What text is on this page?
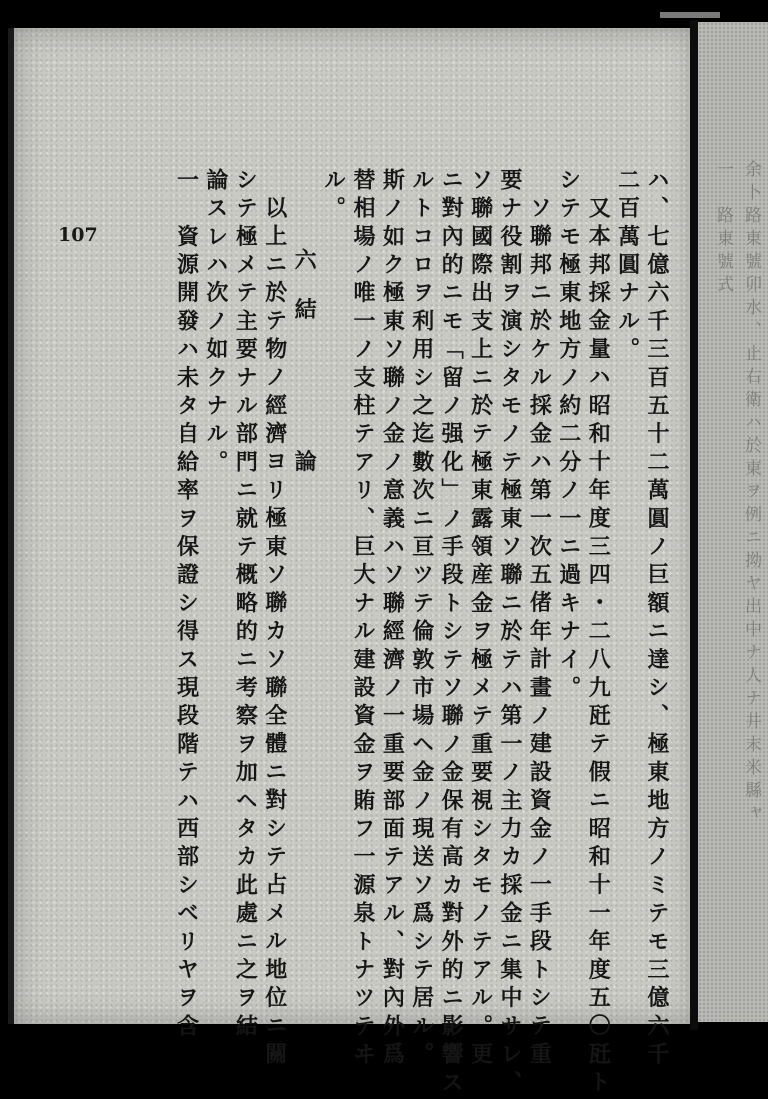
107	ハ、七億六千三百五十二萬圓ノ巨額ニ達シ、極東地方ノミテモ三億六千
二百萬圓ナル。
又本邦採金量ハ昭和十年度三四・二八九瓩テ假ニ昭和十一年度五〇瓩ト
シテモ極東地方ノ約二分ノ一ニ過キナイ。
ソ聯邦ニ於ケル採金ハ第一次五偖年計畫ノ建設資金ノ一手段トシテ重
要ナ役割ヲ演シタモノテ極東ソ聯ニ於テハ第一ノ主力カ採金ニ集中サレ、
ソ聯國際出支上ニ於テ極東露領産金ヲ極メテ重要視シタモノテアル。更
ニ對內的ニモ「留ノ强化」ノ手段トシテソ聯ノ金保有高カ對外的ニ影響ス
ルトコロヲ利用シ之迄數次ニ亘ツテ倫敦市場ヘ金ノ現送ソ爲シテ居ル。
斯ノ如ク極東ソ聯ノ金ノ意義ハソ聯經濟ノ一重要部面テアル、對內外爲
替相場ノ唯一ノ支柱テアリ、巨大ナル建設資金ヲ賄フ一源泉トナツテヰ
ル。
六 結論
以上ニ於テ物ノ經濟ヨリ極東ソ聯カソ聯全體ニ對シテ占メル地位ニ關
シテ極メテ主要ナル部門ニ就テ概略的ニ考察ヲ加ヘタカ此處ニ之ヲ結
論スレハ次ノ如クナル。
一　資源開發ハ未タ自給率ヲ保證シ得ス現段階テハ西部シベリヤヲ含	一　路東號式 余卜路東號卯水、止右衛ハ於東ヲ例ニ拗ヤ出中ナ人ナ井末米縣ャ
